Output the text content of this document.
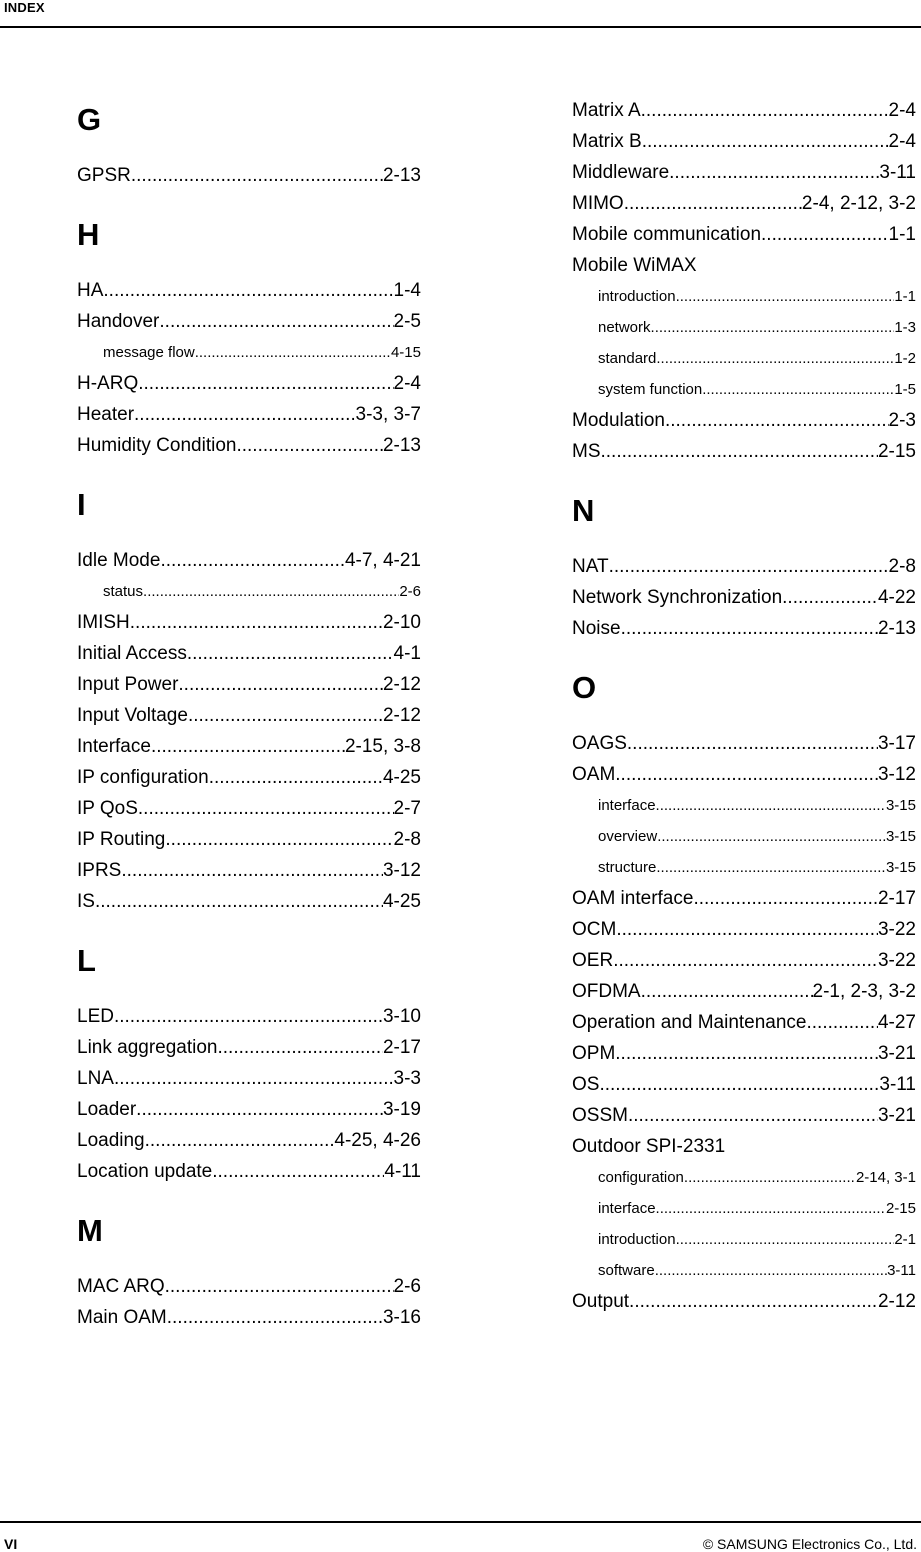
INDEX
G
GPSR .....	2-13
H
HA .....	1-4
Handover .....	2-5
message flow .....	4-15
H-ARQ .....	2-4
Heater .....	3-3, 3-7
Humidity Condition .....	2-13
I
Idle Mode .....	4-7, 4-21
status .....	2-6
IMISH .....	2-10
Initial Access .....	4-1
Input Power .....	2-12
Input Voltage .....	2-12
Interface .....	2-15, 3-8
IP configuration .....	4-25
IP QoS .....	2-7
IP Routing .....	2-8
IPRS .....	3-12
IS .....	4-25
L
LED .....	3-10
Link aggregation .....	2-17
LNA .....	3-3
Loader .....	3-19
Loading .....	4-25, 4-26
Location update .....	4-11
M
MAC ARQ .....	2-6
Main OAM .....	3-16
Matrix A .....	2-4
Matrix B .....	2-4
Middleware .....	3-11
MIMO .....	2-4, 2-12, 3-2
Mobile communication .....	1-1
Mobile WiMAX
introduction .....	1-1
network .....	1-3
standard .....	1-2
system function .....	1-5
Modulation .....	2-3
MS .....	2-15
N
NAT .....	2-8
Network Synchronization .....	4-22
Noise .....	2-13
O
OAGS .....	3-17
OAM .....	3-12
interface .....	3-15
overview .....	3-15
structure .....	3-15
OAM interface .....	2-17
OCM .....	3-22
OER .....	3-22
OFDMA .....	2-1, 2-3, 3-2
Operation and Maintenance .....	4-27
OPM .....	3-21
OS .....	3-11
OSSM .....	3-21
Outdoor SPI-2331
configuration .....	2-14, 3-1
interface .....	2-15
introduction .....	2-1
software .....	3-11
Output .....	2-12
VI	© SAMSUNG Electronics Co., Ltd.
